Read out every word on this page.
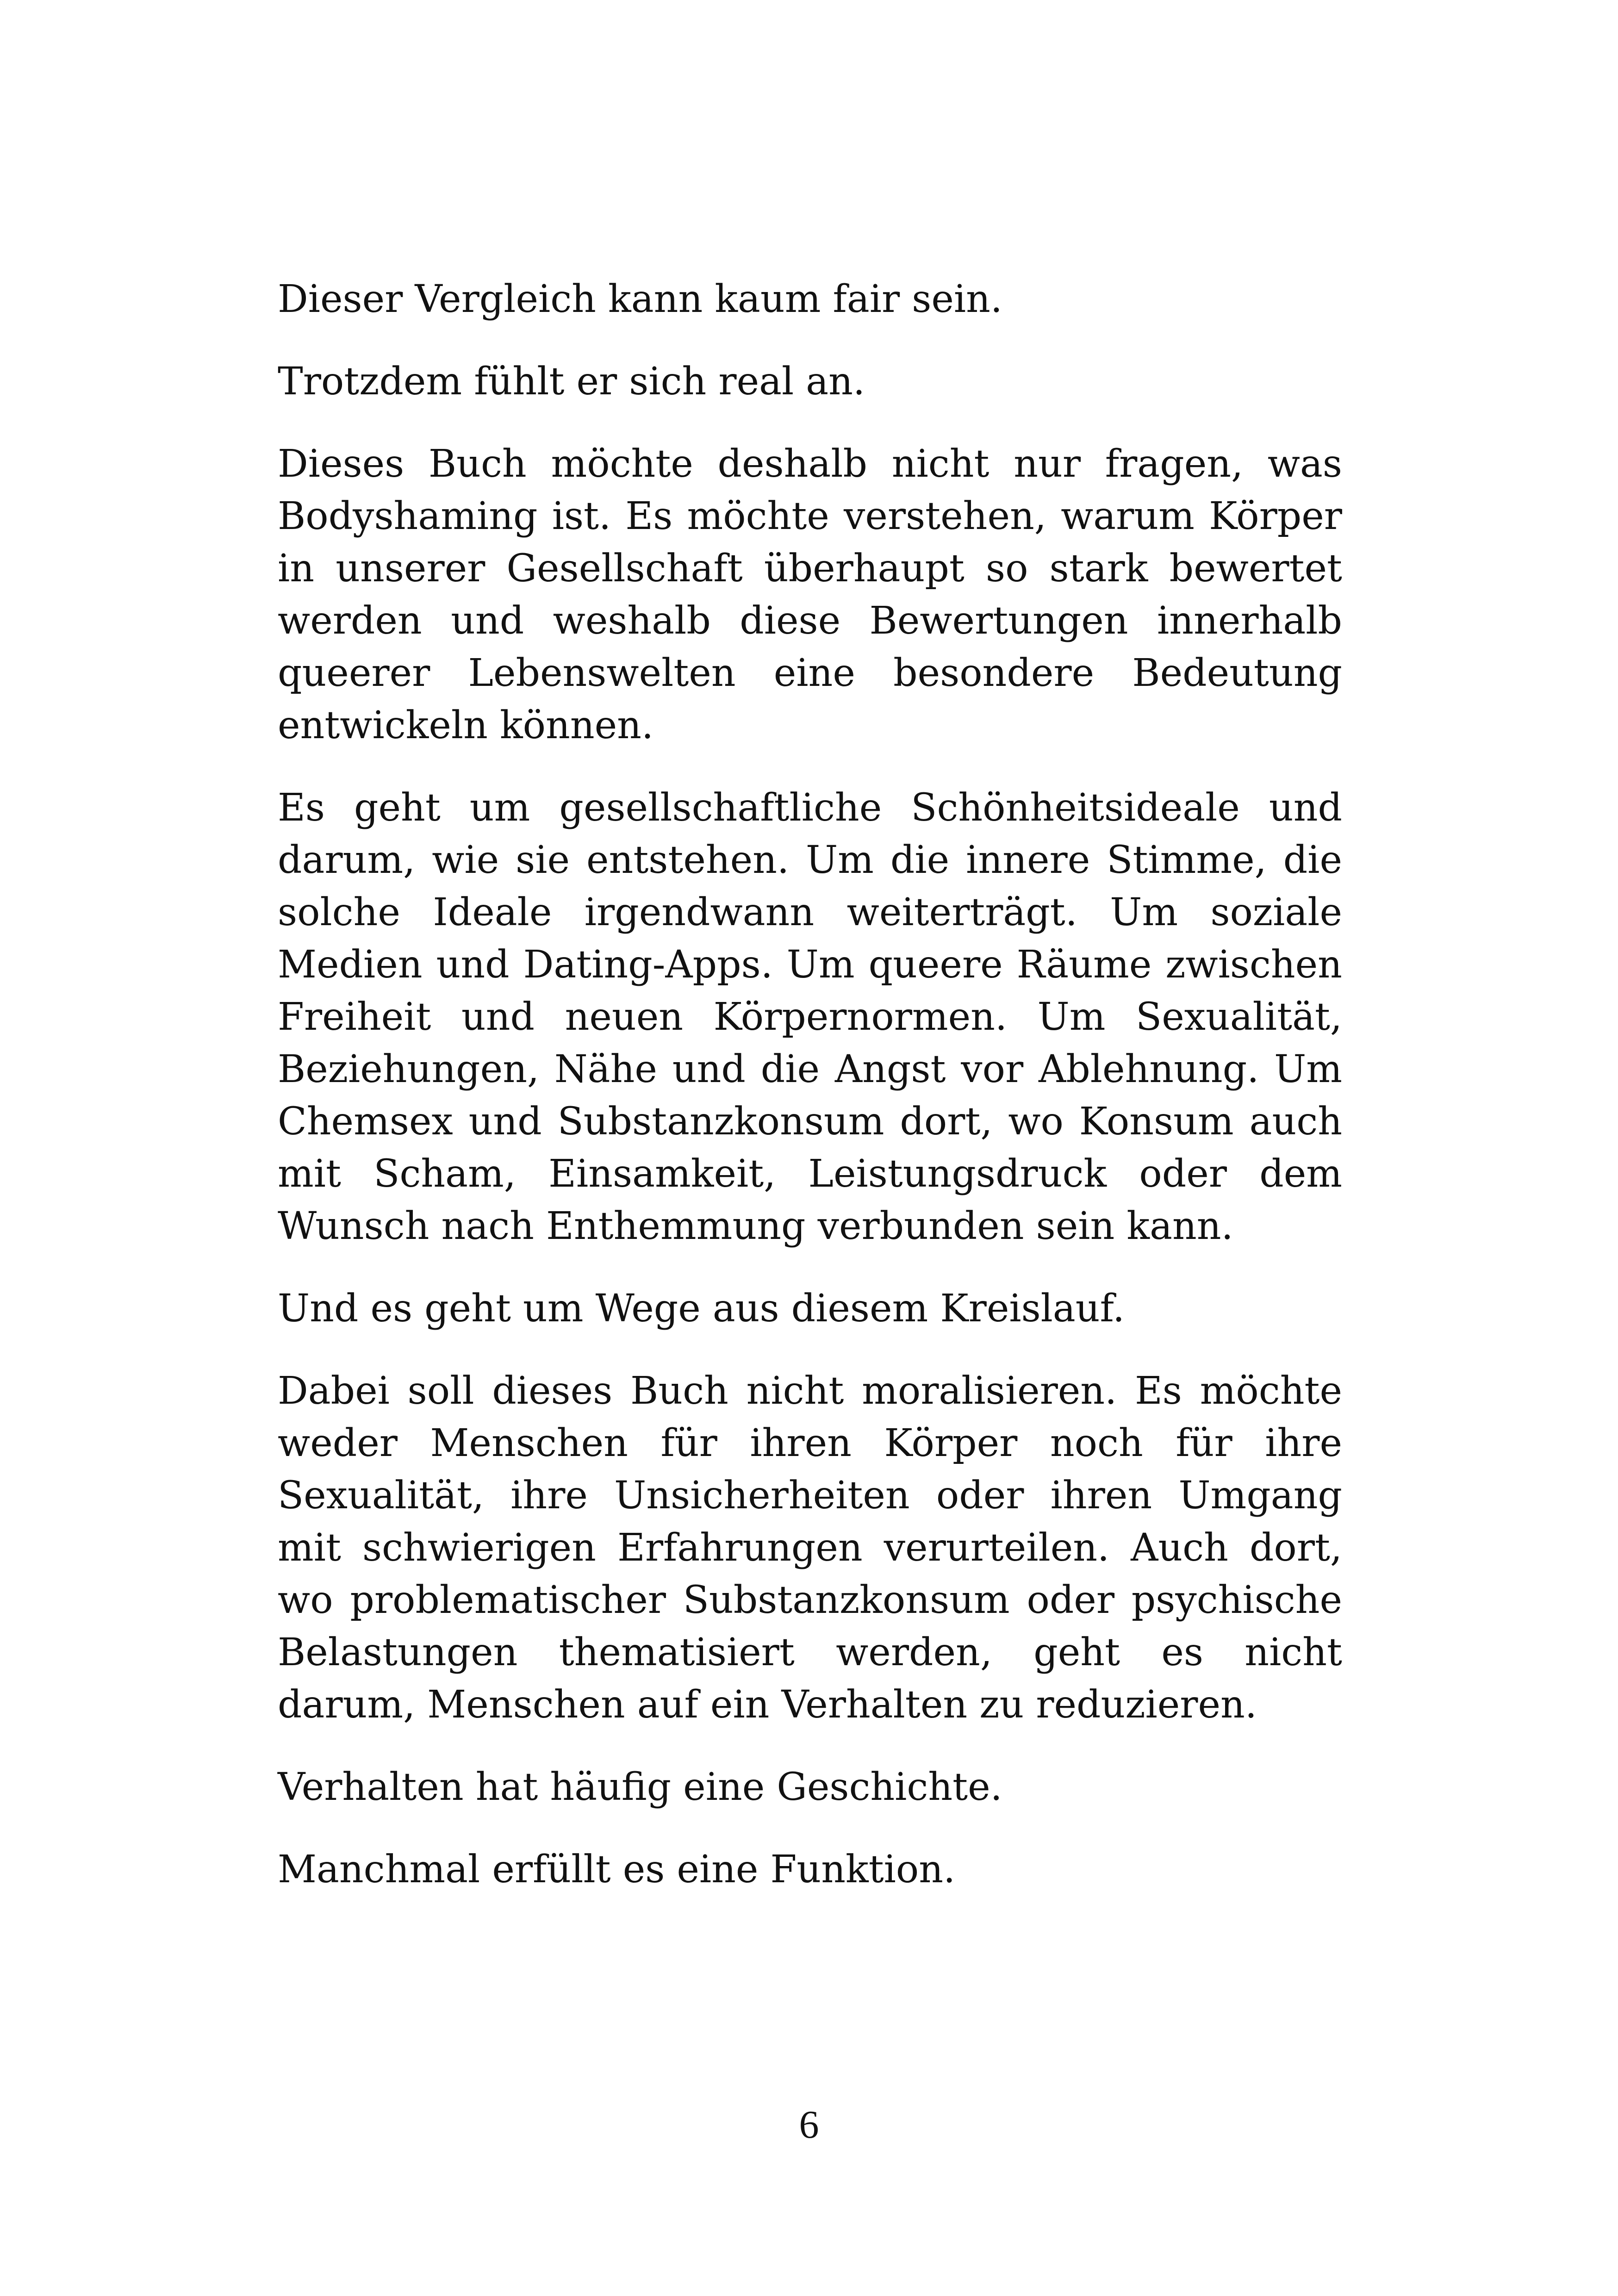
Dieser Vergleich kann kaum fair sein.

Trotzdem fühlt er sich real an.

Dieses Buch möchte deshalb nicht nur fragen, was Bodyshaming ist. Es möchte verstehen, warum Körper in unserer Gesellschaft überhaupt so stark bewertet werden und weshalb diese Bewertungen innerhalb queerer Lebenswelten eine besondere Bedeutung entwickeln können.

Es geht um gesellschaftliche Schönheitsideale und darum, wie sie entstehen. Um die innere Stimme, die solche Ideale irgendwann weiterträgt. Um soziale Medien und Dating-Apps. Um queere Räume zwischen Freiheit und neuen Körpernormen. Um Sexualität, Beziehungen, Nähe und die Angst vor Ablehnung. Um Chemsex und Substanzkonsum dort, wo Konsum auch mit Scham, Einsamkeit, Leistungsdruck oder dem Wunsch nach Enthemmung verbunden sein kann.

Und es geht um Wege aus diesem Kreislauf.

Dabei soll dieses Buch nicht moralisieren. Es möchte weder Menschen für ihren Körper noch für ihre Sexualität, ihre Unsicherheiten oder ihren Umgang mit schwierigen Erfahrungen verurteilen. Auch dort, wo problematischer Substanzkonsum oder psychische Belastungen thematisiert werden, geht es nicht darum, Menschen auf ein Verhalten zu reduzieren.

Verhalten hat häufig eine Geschichte.

Manchmal erfüllt es eine Funktion.

6
